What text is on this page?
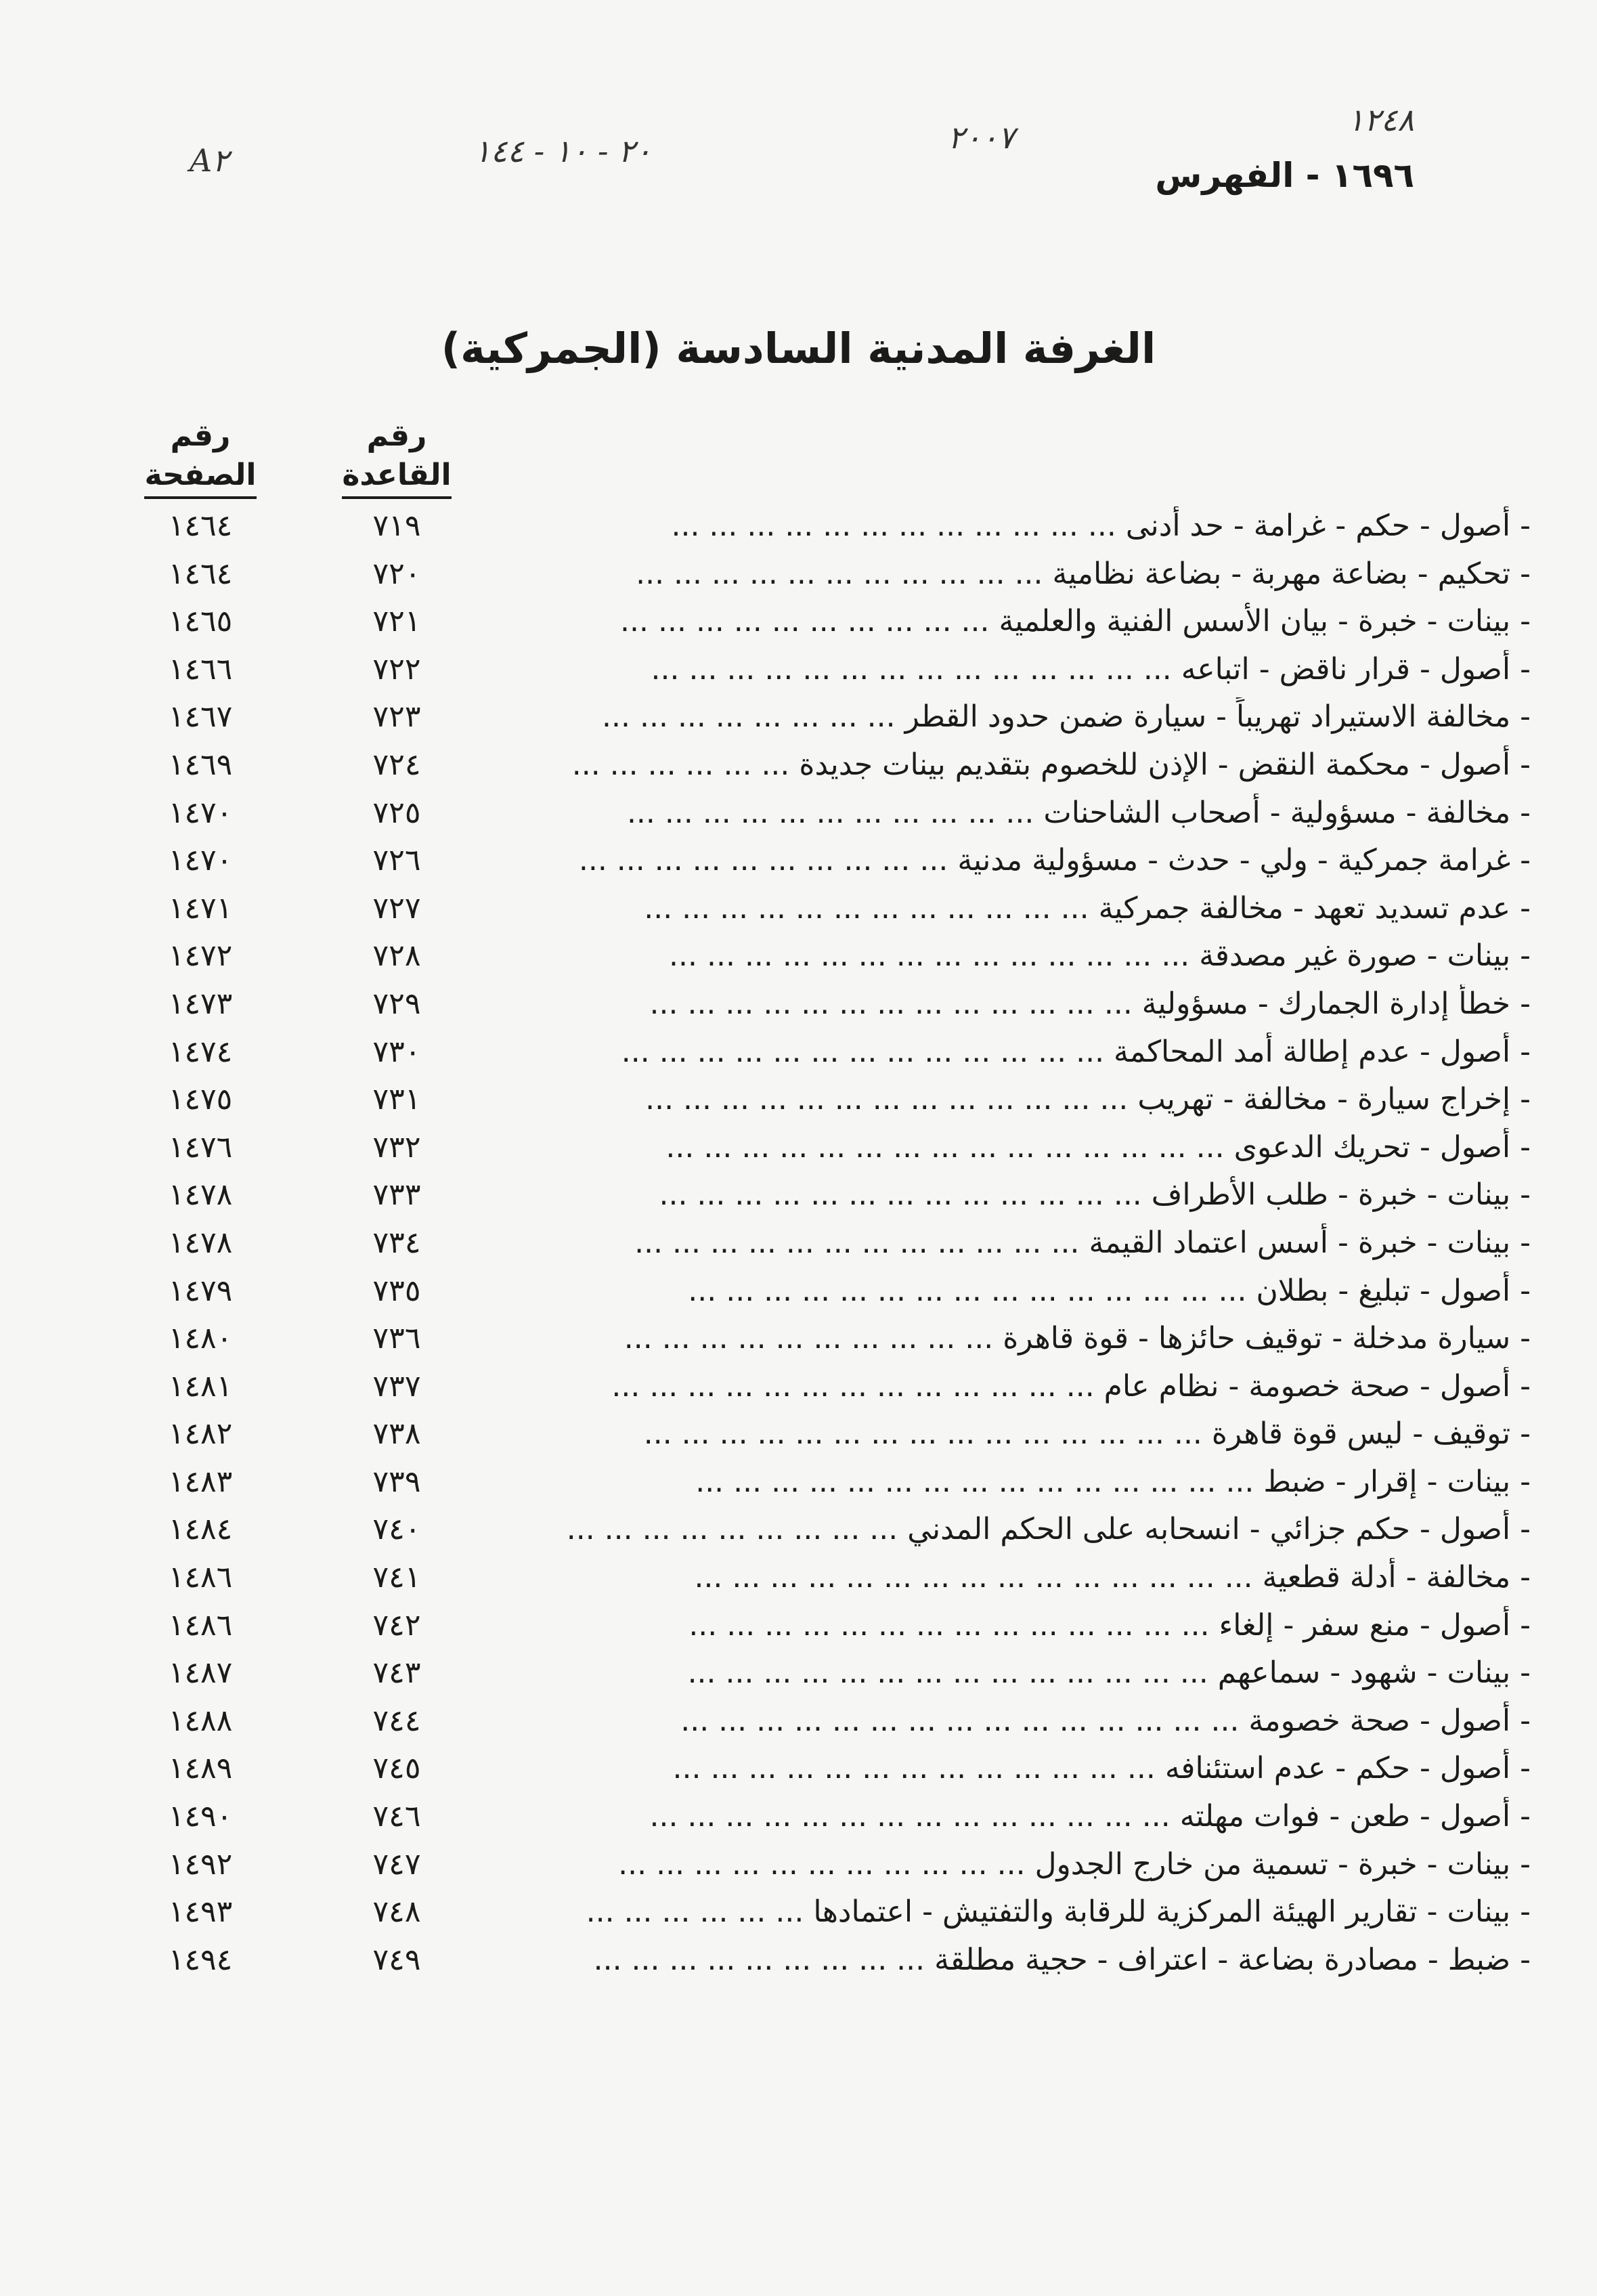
١٢٤٨
٢٠٠٧
٢٠ - ١٠ - ١٤٤
A٢	١٦٩٦ - الفهرس
الغرفة المدنية السادسة (الجمركية)
رقم
القاعدة
رقم
الصفحة
- أصول - حكم - غرامة - حد أدنى ... ... ... ... ... ... ... ... ... ... ... ...
٧١٩
١٤٦٤
- تحكيم - بضاعة مهربة - بضاعة نظامية ... ... ... ... ... ... ... ... ... ... ...
٧٢٠
١٤٦٤
- بينات - خبرة - بيان الأسس الفنية والعلمية ... ... ... ... ... ... ... ... ... ...
٧٢١
١٤٦٥
- أصول - قرار ناقض - اتباعه ... ... ... ... ... ... ... ... ... ... ... ... ... ...
٧٢٢
١٤٦٦
- مخالفة الاستيراد تهريباً - سيارة ضمن حدود القطر ... ... ... ... ... ... ... ...
٧٢٣
١٤٦٧
- أصول - محكمة النقض - الإذن للخصوم بتقديم بينات جديدة ... ... ... ... ... ...
٧٢٤
١٤٦٩
- مخالفة - مسؤولية - أصحاب الشاحنات ... ... ... ... ... ... ... ... ... ... ...
٧٢٥
١٤٧٠
- غرامة جمركية - ولي - حدث - مسؤولية مدنية ... ... ... ... ... ... ... ... ... ...
٧٢٦
١٤٧٠
- عدم تسديد تعهد - مخالفة جمركية ... ... ... ... ... ... ... ... ... ... ... ...
٧٢٧
١٤٧١
- بينات - صورة غير مصدقة ... ... ... ... ... ... ... ... ... ... ... ... ... ...
٧٢٨
١٤٧٢
- خطأ إدارة الجمارك - مسؤولية ... ... ... ... ... ... ... ... ... ... ... ... ...
٧٢٩
١٤٧٣
- أصول - عدم إطالة أمد المحاكمة ... ... ... ... ... ... ... ... ... ... ... ... ...
٧٣٠
١٤٧٤
- إخراج سيارة - مخالفة - تهريب ... ... ... ... ... ... ... ... ... ... ... ... ...
٧٣١
١٤٧٥
- أصول - تحريك الدعوى ... ... ... ... ... ... ... ... ... ... ... ... ... ... ...
٧٣٢
١٤٧٦
- بينات - خبرة - طلب الأطراف ... ... ... ... ... ... ... ... ... ... ... ... ...
٧٣٣
١٤٧٨
- بينات - خبرة - أسس اعتماد القيمة ... ... ... ... ... ... ... ... ... ... ... ...
٧٣٤
١٤٧٨
- أصول - تبليغ - بطلان ... ... ... ... ... ... ... ... ... ... ... ... ... ... ...
٧٣٥
١٤٧٩
- سيارة مدخلة - توقيف حائزها - قوة قاهرة ... ... ... ... ... ... ... ... ... ...
٧٣٦
١٤٨٠
- أصول - صحة خصومة - نظام عام ... ... ... ... ... ... ... ... ... ... ... ... ...
٧٣٧
١٤٨١
- توقيف - ليس قوة قاهرة ... ... ... ... ... ... ... ... ... ... ... ... ... ... ...
٧٣٨
١٤٨٢
- بينات - إقرار - ضبط ... ... ... ... ... ... ... ... ... ... ... ... ... ... ...
٧٣٩
١٤٨٣
- أصول - حكم جزائي - انسحابه على الحكم المدني ... ... ... ... ... ... ... ... ...
٧٤٠
١٤٨٤
- مخالفة - أدلة قطعية ... ... ... ... ... ... ... ... ... ... ... ... ... ... ...
٧٤١
١٤٨٦
- أصول - منع سفر - إلغاء ... ... ... ... ... ... ... ... ... ... ... ... ... ...
٧٤٢
١٤٨٦
- بينات - شهود - سماعهم ... ... ... ... ... ... ... ... ... ... ... ... ... ...
٧٤٣
١٤٨٧
- أصول - صحة خصومة ... ... ... ... ... ... ... ... ... ... ... ... ... ... ...
٧٤٤
١٤٨٨
- أصول - حكم - عدم استئنافه ... ... ... ... ... ... ... ... ... ... ... ... ...
٧٤٥
١٤٨٩
- أصول - طعن - فوات مهلته ... ... ... ... ... ... ... ... ... ... ... ... ... ...
٧٤٦
١٤٩٠
- بينات - خبرة - تسمية من خارج الجدول ... ... ... ... ... ... ... ... ... ... ...
٧٤٧
١٤٩٢
- بينات - تقارير الهيئة المركزية للرقابة والتفتيش - اعتمادها ... ... ... ... ... ...
٧٤٨
١٤٩٣
- ضبط - مصادرة بضاعة - اعتراف - حجية مطلقة ... ... ... ... ... ... ... ... ...
٧٤٩
١٤٩٤
